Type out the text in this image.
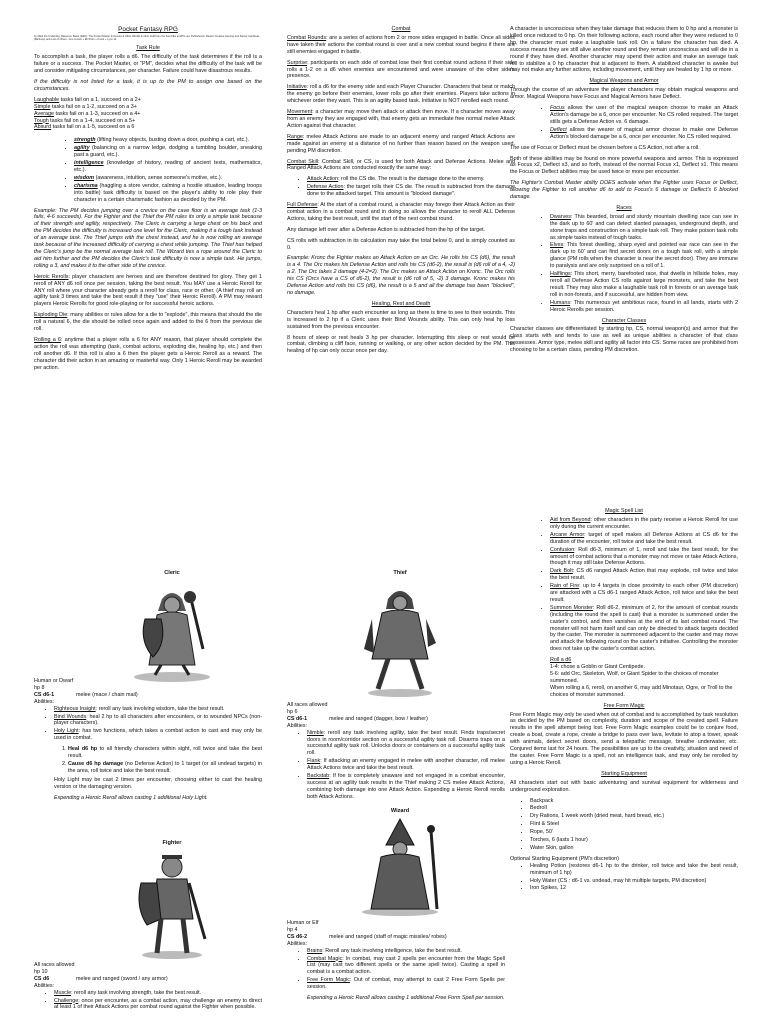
Pocket Fantasy RPG
by Mark the Underdog. Based on Basic (D&D), The Pocket Master & Heroes & Other Worlds & other stuff from the fine folks at RPG.net. Published in Reisen Creative Gaming and Dexter Cardenas (Bartinos) and a lot of others.. Anu Lucam + Eli Wren + Kronk + Lynx 14.
Task Rule

To accomplish a task, the player rolls a d6. The difficulty of the task determines if the roll is a failure or a success. The Pocket Master, or "PM", decides what the difficulty of the task will be and consider mitigating circumstances, per character. Failure could have disastrous results.

If the difficulty is not listed for a task, it is up to the PM to assign one based on the circumstances.

Laughable tasks fail on a 1, succeed on a 2+
Simple tasks fail on a 1-2, succeed on a 3+
Average tasks fail on a 1-3, succeed on a 4+
Tough tasks fail on a 1-4, succeed on a 5+
Absurd tasks fail on a 1-5, succeed on a 6
• strength (lifting heavy objects, busting down a door, pushing a cart, etc.).
• agility (balancing on a narrow ledge, dodging a tumbling boulder, sneaking past a guard, etc.).
• intelligence (knowledge of history, reading of ancient texts, mathematics, etc.).
• wisdom (awareness, intuition, sense someone's motive, etc.).
• charisma (haggling a store vendor, calming a hostile situation, leading troops into battle) task difficulty is based on the player's ability to role play their character in a certain charismatic fashion as decided by the PM.

Example: The PM decides jumping over a crevice on the cave floor is an average task (1-3 fails, 4-6 succeeds). For the Fighter and the Thief the PM rules its only a simple task because of their strength and agility, respectively. The Cleric is carrying a large chest on his back and the PM decides the difficulty is increased one level for the Cleric, making it a tough task instead of an average task. The Thief jumps with the chest instead, and he is now rolling an average task because of the increased difficulty of carrying a chest while jumping. The Thief has helped the Cleric's jump be the normal average task roll. The Wizard ties a rope around the Cleric to aid him further and the PM decides the Cleric's task difficulty is now a simple task. He jumps, rolling a 3, and makes it to the other side of the crevice.

Heroic Rerolls: player characters are heroes and are therefore destined for glory. They get 1 reroll of ANY d6 roll once per session, taking the best result. You MAY use a Heroic Reroll for ANY roll where your character already gets a reroll for class, race or other. (A thief may roll an agility task 3 times and take the best result if they "use" their Heroic Reroll). A PM may reward players Heroic Rerolls for good role-playing or for successful heroic actions.

Exploding Die: many abilities or rules allow for a die to "explode", this means that should the die roll a natural 6, the die should be rolled once again and added to the 6 from the previous die roll.

Rolling a 6: anytime that a player rolls a 6 for ANY reason, that player should complete the action the roll was attempting (task, combat actions, exploding die, healing hp, etc.) and then roll another d6. If this roll is also a 6 then the player gets a Heroic Reroll as a reward. The character did their action in an amazing or masterful way. Only 1 Heroic Reroll may be awarded per action.

Combat

Combat Rounds: are a series of actions from 2 or more sides engaged in battle. Once all sides have taken their actions the combat round is over and a new combat round begins if there are still enemies engaged in battle.

Surprise: participants on each side of combat lose their first combat round actions if their side rolls a 1-2 on a d6 when enemies are encountered and were unaware of the other side's presence.

Initiative: roll a d6 for the enemy side and each Player Character. Characters that beat or match the enemy go before their enemies, lower rolls go after their enemies. Players take actions in whichever order they want. This is an agility based task. Initiative is NOT rerolled each round.

Movement: a character may move then attack or attack then move. If a character moves away from an enemy they are engaged with, that enemy gets an immediate free normal melee Attack Action against that character.

Range: melee Attack Actions are made to an adjacent enemy and ranged Attack Actions are made against an enemy at a distance of no further than reason based on the weapon used, pending PM discretion.

Combat Skill: Combat Skill, or CS, is used for both Attack and Defense Actions. Melee and Ranged Attack Actions are conducted exactly the same way:

• Attack Action: roll the CS die. The result is the damage done to the enemy.
• Defense Action: the target rolls their CS die. The result is subtracted from the damage done to the attacked target. This amount is "blocked damage".

Full Defense: At the start of a combat round, a character may forego their Attack Action as their combat action in a combat round and in doing so allows the character to reroll ALL Defense Actions, taking the best result, until the start of the next combat round.

Any damage left over after a Defense Action is subtracted from the hp of the target.

CS rolls with subtraction in its calculation may take the total below 0, and is simply counted as 0.

Example: Kronc the Fighter makes an Attack Action on an Orc. He rolls his CS (d6), the result is a 4. The Orc makes his Defense Action and rolls his CS (d6-2), the result is (d6 roll of a 4, -2) a 2. The Orc takes 2 damage (4-2=2). The Orc makes an Attack Action on Kronc. The Orc rolls his CS (Orcs have a CS of d6-2), the result is (d6 roll of 5, -2) 3 damage. Kronc makes his Defense Action and rolls his CS (d6), the result is a 5 and all the damage has been "blocked", no damage.

Healing, Rest and Death

Characters heal 1 hp after each encounter as long as there is time to see to their wounds. This is increased to 2 hp if a Cleric uses their Bind Wounds ability. This can only heal hp loss sustained from the previous encounter.

8 hours of sleep or rest heals 3 hp per character. Interrupting this sleep or rest would be combat, climbing a cliff face, running or walking, or any other action decided by the PM. This healing of hp can only occur once per day.

A character is unconscious when they take damage that reduces them to 0 hp and a monster is killed once reduced to 0 hp. On their following actions, each round after they were reduced to 0 hp, the character must make a laughable task roll. On a failure the character has died. A success means they are still alive another round and they remain unconscious and will die in a round if they have died. Another character may spend their action and make an average task roll to stabilize a 0 hp character that is adjacent to them. A stabilized character is awake but may not make any further actions, including movement, until they are healed by 1 hp or more.

Magical Weapons and Armor

Through the course of an adventure the player characters may obtain magical weapons and armor. Magical Weapons have Focus and Magical Armors have Deflect.

• Focus allows the user of the magical weapon choose to make an Attack Action's damage be a 6, once per encounter. No CS rolled required. The target stills gets a Defense Action vs. 6 damage.
• Deflect allows the wearer of magical armor choose to make one Defense Action's blocked damage be a 6, once per encounter. No CS rolled required.

The use of Focus or Deflect must be chosen before a CS Action, not after a roll.

Both of these abilities may be found on more powerful weapons and armor. This is expressed as Focus x2, Deflect x3, and so forth, instead of the normal Focus x1, Deflect x1. This means the Focus or Deflect abilities may be used twice or more per encounter.

The Fighter's Combat Master ability DOES activate when the Fighter uses Focus or Deflect, allowing the Fighter to roll another d6 to add to Focus's 6 damage or Deflect's 6 blocked damage.

Races
• Dwarves: This bearded, broad and sturdy mountain dwelling race can see in the dark up to 60' and can detect slanted passages, underground depth, and stone traps and construction on a simple task roll. They make poison task rolls as simple tasks instead of tough tasks.
• Elves: This forest dwelling, sharp eyed and pointed ear race can see in the dark up to 60' and can find secret doors on a tough task roll, with a simple glance (PM rolls when the character is near the secret door). They are immune to paralysis and are only surprised on a roll of 1.
• Halflings: This short, merry, barefooted race, that dwells in hillside holes, may reroll all Defense Action CS rolls against large monsters, and take the best result. They may also make a laughable task roll in forests or an average task roll in non-forests, and if successful, are hidden from view.
• Humans: This numerous yet ambitious race, found in all lands, starts with 2 Heroic Rerolls per session.
Character Classes

Character classes are differentiated by starting hp, CS, normal weapon(s) and armor that the class starts with and tends to use as well as unique abilities a character of that class possesses. Armor type, melee skill and agility all factor into CS. Some races are prohibited from choosing to be a certain class, pending PM discretion.

Magic Spell List
• Aid from Beyond: other characters in the party receive a Heroic Reroll for use only during the current encounter.
• Arcane Armor: target of spell makes all Defense Actions at CS d6 for the duration of the encounter, roll twice and take the best result.
• Confusion: Roll d6-3, minimum of 1, reroll and take the best result, for the amount of combat actions that a monster may not move or take Attack Actions, though it may still take Defense Actions.
• Dark Bolt: CS d6 ranged Attack Action that may explode, roll twice and take the best result.
• Rain of Fire: up to 4 targets in close proximity to each other (PM discretion) are attacked with a CS d6-1 ranged Attack Action, roll twice and take the best result.
• Summon Monster: Roll d6-2, minimum of 2, for the amount of combat rounds (including the round the spell is cast) that a monster is summoned under the caster's control, and then vanishes at the end of its last combat round. The monster will not harm itself and can only be directed to attack targets decided by the caster. The monster is summoned adjacent to the caster and may move and attack the following round on the caster's initiative. Controlling the monster does not take up the caster's combat action.
Roll a d6
1-4: chose a Goblin or Giant Centipede.
5-6: add Orc, Skeleton, Wolf, or Giant Spider to the choices of monster summoned.
When rolling a 6, reroll, on another 6, may add Minotaur, Ogre, or Troll to the choices of monster summoned.
Free Form Magic

Free Form Magic may only be used when out of combat and is accomplished by task resolution as decided by the PM based on complexity, duration and scope of the created spell. Failure results in the spell attempt being lost. Free Form Magic examples could be to conjure food, create a boat, create a rope, create a bridge to pass over lava, levitate to atop a tower, speak with animals, detect secret doors, send a telepathic message, breathe underwater, etc. Conjured items last for 24 hours. The possibilities are up to the creativity, situation and need of the caster. Free Form Magic is a spell, not an intelligence task, and may only be rerolled by using a Heroic Reroll.

Starting Equipment

All characters start out with basic adventuring and survival equipment for wilderness and underground exploration.

• Backpack
• Bedroll
• Dry Rations, 1 week worth (dried meat, hard bread, etc.)
• Flint & Steel
• Rope, 50'
• Torches, 6 (lasts 1 hour)
• Water Skin, gallon
Optional Starting Equipment (PM's discretion)
• Healing Potion (restores d6-1 hp to the drinker, roll twice and take the best result, minimum of 1 hp)
• Holy Water (CS : d6-1 vs. undead, may hit multiple targets, PM discretion)
• Iron Spikes, 12
Cleric
Human or Dwarf
hp 8
CS d6-1	melee (mace / chain mail)
Abilities:
• Righteous Insight: reroll any task involving wisdom, take the best result.
• Bind Wounds: heal 2 hp to all characters after encounters, or to wounded NPCs (non-player characters).
• Holy Light: has two functions, which takes a combat action to cast and may only be used in combat.
1. Heal d6 hp to all friendly characters within sight, roll twice and take the best result.
2. Cause d6 hp damage (no Defense Action) to 1 target (or all undead targets) in the area, roll twice and take the best result.

Holy Light may be cast 2 times per encounter, choosing either to cast the healing version or the damaging version.

Expending a Heroic Reroll allows casting 1 additional Holy Light.

Fighter
All races allowed
hp 10
CS d6	melee and ranged (sword / any armor)
Abilities:
• Muscle: reroll any task involving strength, take the best result.
• Challenge: once per encounter, as a combat action, may challenge an enemy to direct at least 1 of their Attack Actions per combat round against the Fighter when possible.
Thief
All races allowed
hp 6
CS d6-1	melee and ranged (dagger, bow / leather)
Abilities:
• Nimble: reroll any task involving agility, take the best result. Finds traps/secret doors in room/corridor section on a successful agility task roll. Disarms traps on a successful agility task roll. Unlocks doors or containers on a successful agility task roll.
• Flank: If attacking an enemy engaged in melee with another character, roll melee Attack Actions twice and take the best result.
• Backstab: If foe is completely unaware and not engaged in a combat encounter, success at an agility task results in the Thief making 2 CS melee Attack Actions, combining both damage into one Attack Action. Expending a Heroic Reroll rerolls both Attack Actions.
Wizard
Human or Elf
hp 4
CS d6-2	melee and ranged (staff of magic missiles/ robes)
Abilities:
• Brains: Reroll any task involving intelligence, take the best result.
• Combat Magic: In combat, may cast 2 spells per encounter from the Magic Spell List (may cast two different spells or the same spell twice). Casting a spell in combat is a combat action.
• Free Form Magic: Out of combat, may attempt to cast 2 Free Form Spells per session.

Expending a Heroic Reroll allows casting 1 additional Free Form Spell per session.
